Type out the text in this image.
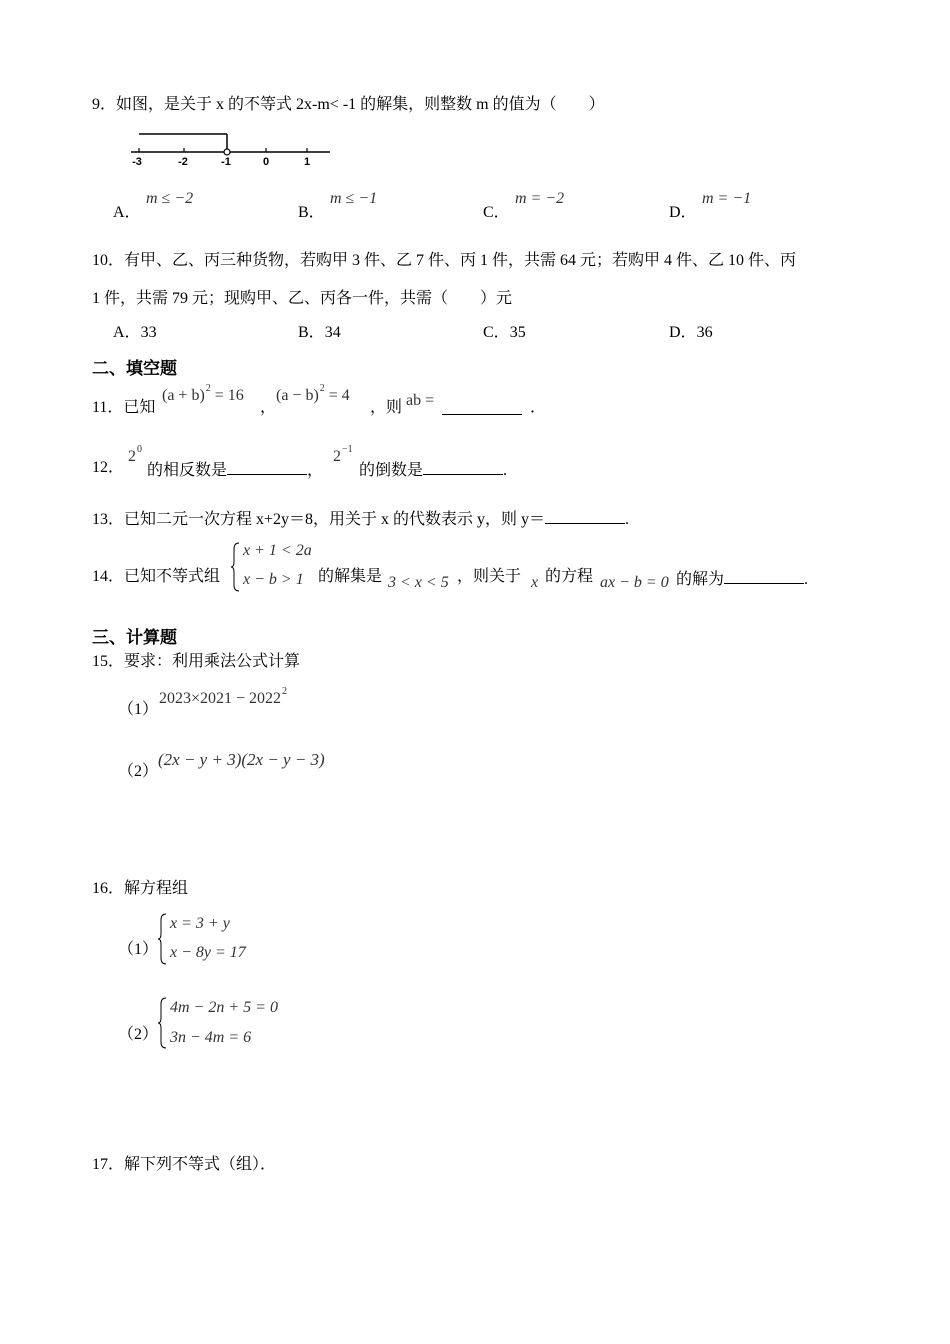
9．如图，是关于 x 的不等式 2x-m< -1 的解集，则整数 m 的值为（　　）
-3	-2	-1	0	1
A．
m ≤ −2
B．
m ≤ −1
C．
m = −2
D．
m = −1
10．有甲、乙、丙三种货物，若购甲 3 件、乙 7 件、丙 1 件，共需 64 元；若购甲 4 件、乙 10 件、丙
1 件，共需 79 元；现购甲、乙、丙各一件，共需（　　）元
A．33	B．34	C．35	D．36
二、填空题
11．已知
$(a + b)^2 = 16$
，
$(a - b)^2 = 4$
，则 ab =	．
12．
$2^0$
的相反数是	，
$2^{-1}$
的倒数是	.
13．已知二元一次方程 x+2y＝8，用关于 x 的代数表示 y，则 y＝	.
14．已知不等式组
x + 1 < 2a
x − b > 1 的解集是 3 < x < 5 ，则关于 x 的方程 ax − b = 0 的解为	.
三、计算题
15．要求：利用乘法公式计算
（1）
$2023\times 2021 - 2022^2$
（2）
(2x − y + 3)(2x − y − 3)
16．解方程组
（1）
x = 3 + y
x − 8y = 17
（2）
4m − 2n + 5 = 0
3n − 4m = 6
17．解下列不等式（组）．
